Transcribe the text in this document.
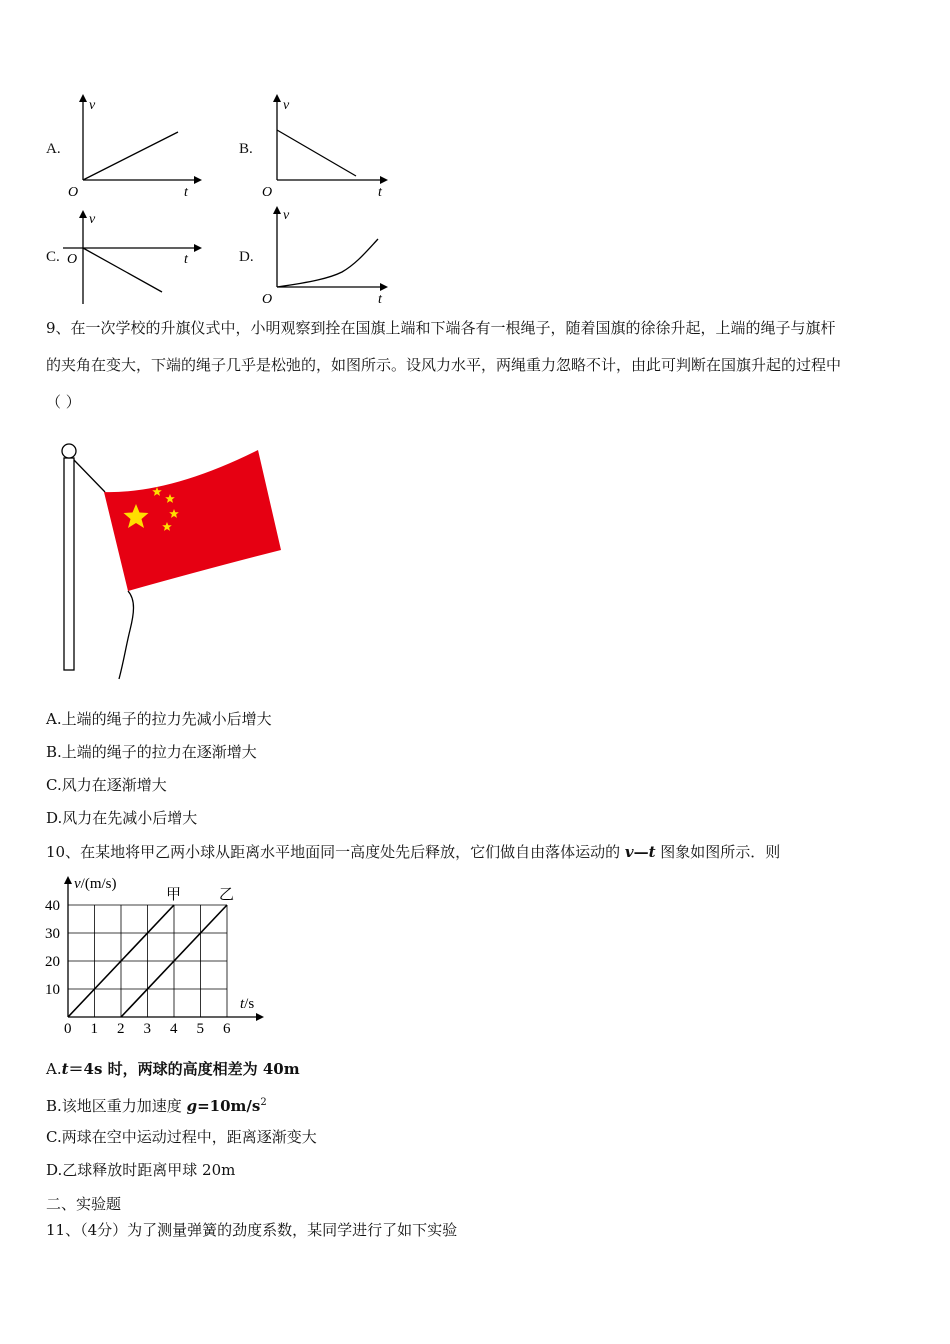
A.
v
t
O
B.
v
t
O
C.
v
t
O	D.
v
t
O
9、在一次学校的升旗仪式中，小明观察到拴在国旗上端和下端各有一根绳子，随着国旗的徐徐升起，上端的绳子与旗杆
的夹角在变大，下端的绳子几乎是松弛的，如图所示。设风力水平，两绳重力忽略不计，由此可判断在国旗升起的过程中
（ ）
A.上端的绳子的拉力先减小后增大
B.上端的绳子的拉力在逐渐增大
C.风力在逐渐增大
D.风力在先减小后增大
10、在某地将甲乙两小球从距离水平地面同一高度处先后释放，它们做自由落体运动的 v—t 图象如图所示．则
0 1 2 3 4 5 6
10
20
30
40
甲	乙
v/(m/s)
t/s
A.t＝4s 时，两球的高度相差为 40m
B.该地区重力加速度 $g=10m/s^2$
C.两球在空中运动过程中，距离逐渐变大
D.乙球释放时距离甲球 20m
二、实验题
11、（4分）为了测量弹簧的劲度系数，某同学进行了如下实验
